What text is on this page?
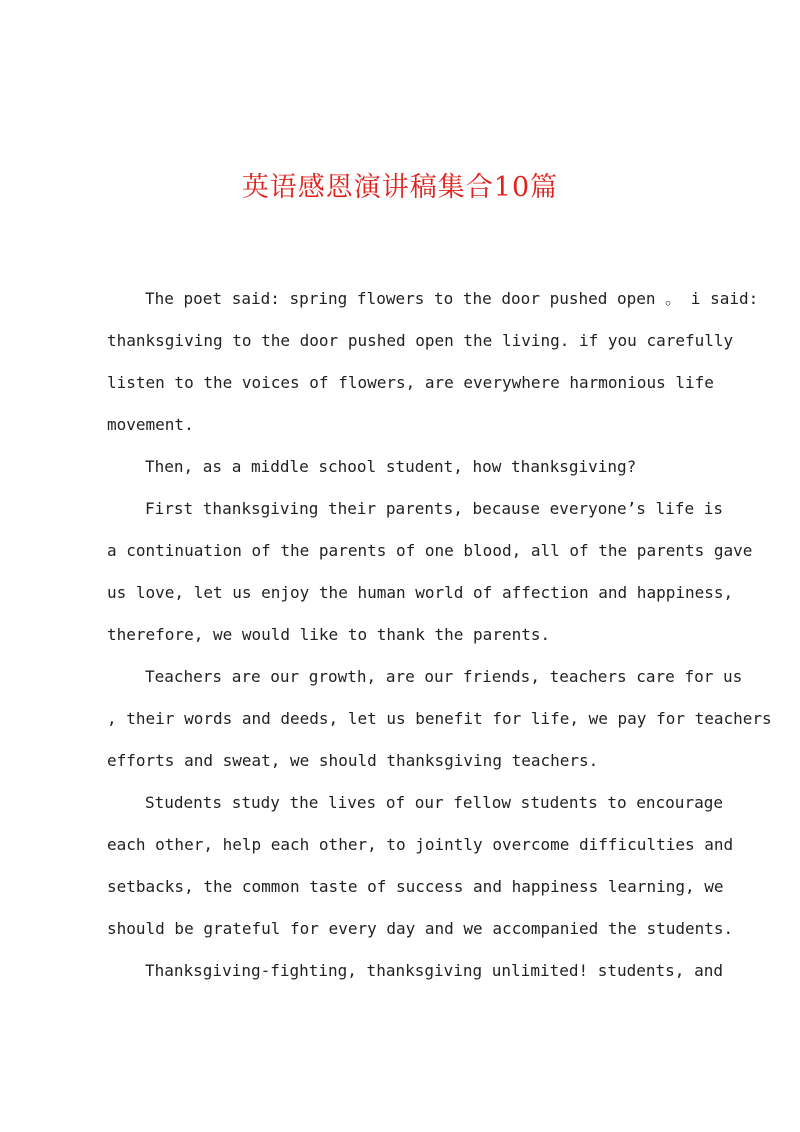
英语感恩演讲稿集合10篇
The poet said: spring flowers to the door pushed open 。 i said:
thanksgiving to the door pushed open the living. if you carefully
listen to the voices of flowers, are everywhere harmonious life
movement.
Then, as a middle school student, how thanksgiving?
First thanksgiving their parents, because everyone’s life is
a continuation of the parents of one blood, all of the parents gave
us love, let us enjoy the human world of affection and happiness,
therefore, we would like to thank the parents.
Teachers are our growth, are our friends, teachers care for us
, their words and deeds, let us benefit for life, we pay for teachers
efforts and sweat, we should thanksgiving teachers.
Students study the lives of our fellow students to encourage
each other, help each other, to jointly overcome difficulties and
setbacks, the common taste of success and happiness learning, we
should be grateful for every day and we accompanied the students.
Thanksgiving-fighting, thanksgiving unlimited! students, and
